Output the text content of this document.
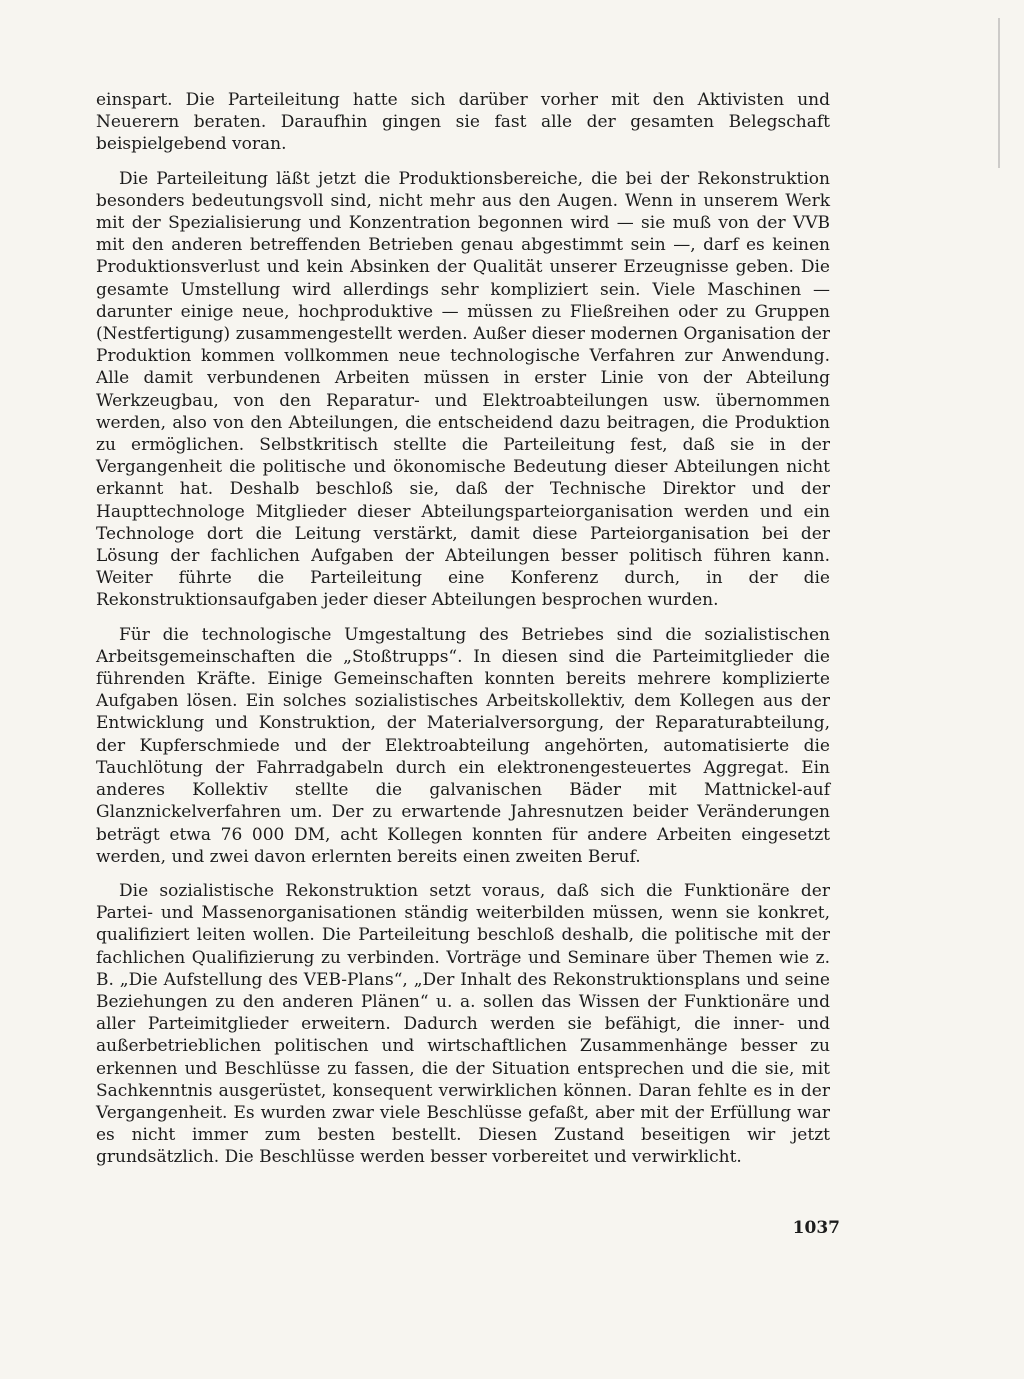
einspart. Die Parteileitung hatte sich darüber vorher mit den Aktivisten und Neuerern beraten. Daraufhin gingen sie fast alle der gesamten Belegschaft beispielgebend voran.

Die Parteileitung läßt jetzt die Produktionsbereiche, die bei der Rekonstruktion besonders bedeutungsvoll sind, nicht mehr aus den Augen. Wenn in unserem Werk mit der Spezialisierung und Konzentration begonnen wird — sie muß von der VVB mit den anderen betreffenden Betrieben genau abgestimmt sein —, darf es keinen Produktionsverlust und kein Absinken der Qualität unserer Erzeugnisse geben. Die gesamte Umstellung wird allerdings sehr kompliziert sein. Viele Maschinen — darunter einige neue, hochproduktive — müssen zu Fließreihen oder zu Gruppen (Nestfertigung) zusammengestellt werden. Außer dieser modernen Organisation der Produktion kommen vollkommen neue technologische Verfahren zur Anwendung. Alle damit verbundenen Arbeiten müssen in erster Linie von der Abteilung Werkzeugbau, von den Reparatur- und Elektroabteilungen usw. übernommen werden, also von den Abteilungen, die entscheidend dazu beitragen, die Produktion zu ermöglichen. Selbstkritisch stellte die Parteileitung fest, daß sie in der Vergangenheit die politische und ökonomische Bedeutung dieser Abteilungen nicht erkannt hat. Deshalb beschloß sie, daß der Technische Direktor und der Haupttechnologe Mitglieder dieser Abteilungsparteiorganisation werden und ein Technologe dort die Leitung verstärkt, damit diese Parteiorganisation bei der Lösung der fachlichen Aufgaben der Abteilungen besser politisch führen kann. Weiter führte die Parteileitung eine Konferenz durch, in der die Rekonstruktionsaufgaben jeder dieser Abteilungen besprochen wurden.

Für die technologische Umgestaltung des Betriebes sind die sozialistischen Arbeitsgemeinschaften die „Stoßtrupps“. In diesen sind die Parteimitglieder die führenden Kräfte. Einige Gemeinschaften konnten bereits mehrere komplizierte Aufgaben lösen. Ein solches sozialistisches Arbeitskollektiv, dem Kollegen aus der Entwicklung und Konstruktion, der Materialversorgung, der Reparaturabteilung, der Kupferschmiede und der Elektroabteilung angehörten, automatisierte die Tauchlötung der Fahrradgabeln durch ein elektronengesteuertes Aggregat. Ein anderes Kollektiv stellte die galvanischen Bäder mit Mattnickel-auf Glanznickelverfahren um. Der zu erwartende Jahresnutzen beider Veränderungen beträgt etwa 76 000 DM, acht Kollegen konnten für andere Arbeiten eingesetzt werden, und zwei davon erlernten bereits einen zweiten Beruf.

Die sozialistische Rekonstruktion setzt voraus, daß sich die Funktionäre der Partei- und Massenorganisationen ständig weiterbilden müssen, wenn sie konkret, qualifiziert leiten wollen. Die Parteileitung beschloß deshalb, die politische mit der fachlichen Qualifizierung zu verbinden. Vorträge und Seminare über Themen wie z. B. „Die Aufstellung des VEB-Plans“, „Der Inhalt des Rekonstruktionsplans und seine Beziehungen zu den anderen Plänen“ u. a. sollen das Wissen der Funktionäre und aller Parteimitglieder erweitern. Dadurch werden sie befähigt, die inner- und außerbetrieblichen politischen und wirtschaftlichen Zusammenhänge besser zu erkennen und Beschlüsse zu fassen, die der Situation entsprechen und die sie, mit Sachkenntnis ausgerüstet, konsequent verwirklichen können. Daran fehlte es in der Vergangenheit. Es wurden zwar viele Beschlüsse gefaßt, aber mit der Erfüllung war es nicht immer zum besten bestellt. Diesen Zustand beseitigen wir jetzt grundsätzlich. Die Beschlüsse werden besser vorbereitet und verwirklicht.

1037
